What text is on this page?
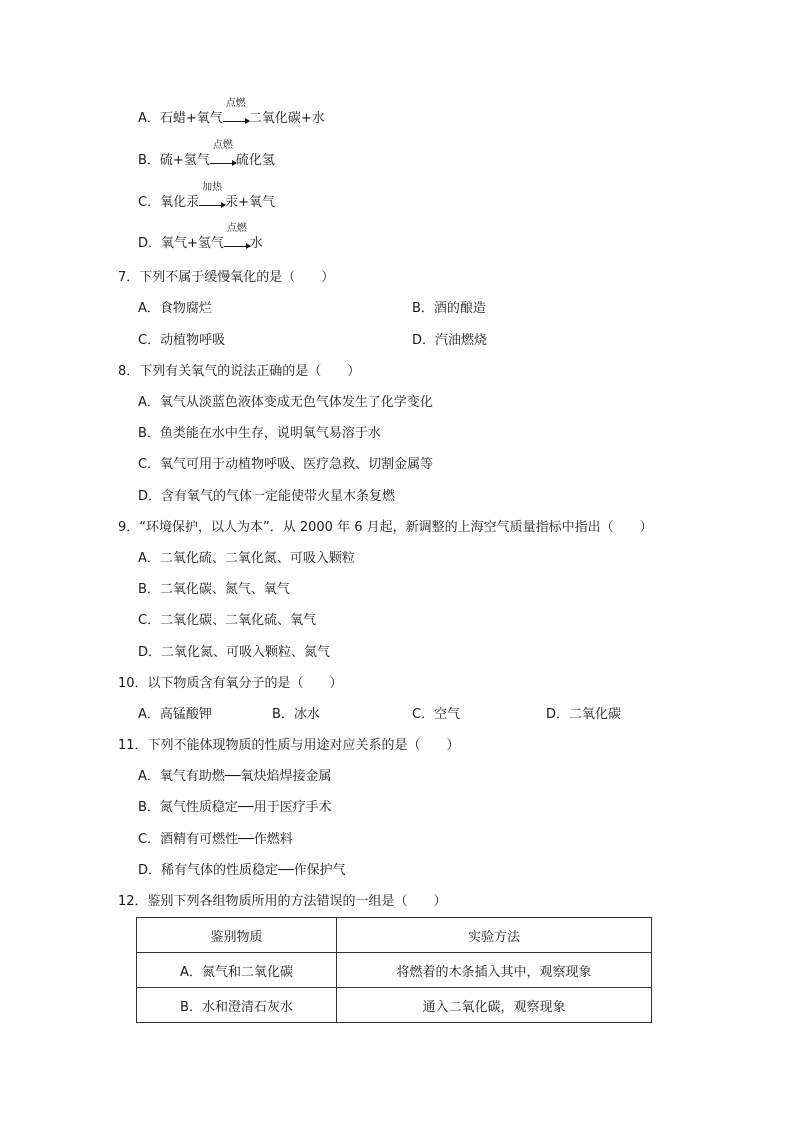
A．石蜡+氧气
点燃
二氧化碳+水
B．硫+氢气
点燃
硫化氢
C．氧化汞
加热
汞+氧气
D．氧气+氢气
点燃
水
7．下列不属于缓慢氧化的是（　　）
A．食物腐烂	B．酒的酿造
C．动植物呼吸	D．汽油燃烧
8．下列有关氧气的说法正确的是（　　）
A．氧气从淡蓝色液体变成无色气体发生了化学变化
B．鱼类能在水中生存，说明氧气易溶于水
C．氧气可用于动植物呼吸、医疗急救、切割金属等
D．含有氧气的气体一定能使带火星木条复燃
9．“环境保护，以人为本”．从 2000 年 6 月起，新调整的上海空气质量指标中指出（　　）
A．二氧化硫、二氧化氮、可吸入颗粒
B．二氧化碳、氮气、氧气
C．二氧化碳、二氧化硫、氧气
D．二氧化氮、可吸入颗粒、氮气
10．以下物质含有氧分子的是（　　）
A．高锰酸钾	B．冰水	C．空气	D．二氧化碳
11．下列不能体现物质的性质与用途对应关系的是（　　）
A．氧气有助燃──氧炔焰焊接金属
B．氮气性质稳定──用于医疗手术
C．酒精有可燃性──作燃料
D．稀有气体的性质稳定──作保护气
12．鉴别下列各组物质所用的方法错误的一组是（　　）
鉴别物质	实验方法
A．氮气和二氧化碳	将燃着的木条插入其中，观察现象
B．水和澄清石灰水	通入二氧化碳，观察现象
